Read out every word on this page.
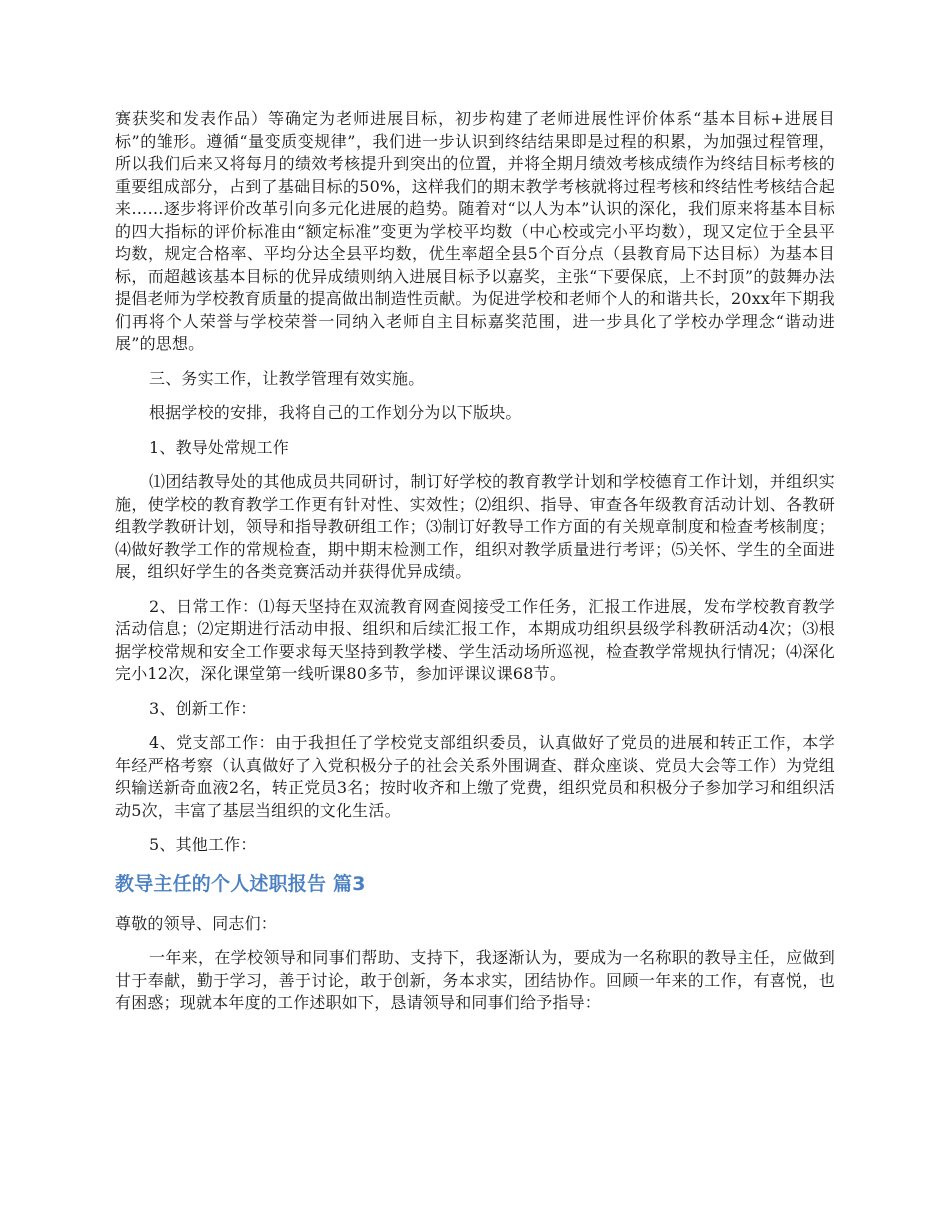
赛获奖和发表作品）等确定为老师进展目标，初步构建了老师进展性评价体系“基本目标+进展目标”的雏形。遵循“量变质变规律”，我们进一步认识到终结结果即是过程的积累，为加强过程管理，所以我们后来又将每月的绩效考核提升到突出的位置，并将全期月绩效考核成绩作为终结目标考核的重要组成部分，占到了基础目标的50%，这样我们的期末教学考核就将过程考核和终结性考核结合起来……逐步将评价改革引向多元化进展的趋势。随着对“以人为本”认识的深化，我们原来将基本目标的四大指标的评价标准由“额定标准”变更为学校平均数（中心校或完小平均数），现又定位于全县平均数，规定合格率、平均分达全县平均数，优生率超全县5个百分点（县教育局下达目标）为基本目标，而超越该基本目标的优异成绩则纳入进展目标予以嘉奖，主张“下要保底，上不封顶”的鼓舞办法提倡老师为学校教育质量的提高做出制造性贡献。为促进学校和老师个人的和谐共长，20xx年下期我们再将个人荣誉与学校荣誉一同纳入老师自主目标嘉奖范围，进一步具化了学校办学理念“谐动进展”的思想。

三、务实工作，让教学管理有效实施。

根据学校的安排，我将自己的工作划分为以下版块。

1、教导处常规工作

⑴团结教导处的其他成员共同研讨，制订好学校的教育教学计划和学校德育工作计划，并组织实施，使学校的教育教学工作更有针对性、实效性；⑵组织、指导、审查各年级教育活动计划、各教研组教学教研计划，领导和指导教研组工作；⑶制订好教导工作方面的有关规章制度和检查考核制度；⑷做好教学工作的常规检查，期中期末检测工作，组织对教学质量进行考评；⑸关怀、学生的全面进展，组织好学生的各类竞赛活动并获得优异成绩。

2、日常工作：⑴每天坚持在双流教育网查阅接受工作任务，汇报工作进展，发布学校教育教学活动信息；⑵定期进行活动申报、组织和后续汇报工作，本期成功组织县级学科教研活动4次；⑶根据学校常规和安全工作要求每天坚持到教学楼、学生活动场所巡视，检查教学常规执行情况；⑷深化完小12次，深化课堂第一线听课80多节，参加评课议课68节。

3、创新工作：

4、党支部工作：由于我担任了学校党支部组织委员，认真做好了党员的进展和转正工作，本学年经严格考察（认真做好了入党积极分子的社会关系外围调查、群众座谈、党员大会等工作）为党组织输送新奇血液2名，转正党员3名；按时收齐和上缴了党费，组织党员和积极分子参加学习和组织活动5次，丰富了基层当组织的文化生活。

5、其他工作：

教导主任的个人述职报告 篇3

尊敬的领导、同志们：

一年来，在学校领导和同事们帮助、支持下，我逐渐认为，要成为一名称职的教导主任，应做到甘于奉献，勤于学习，善于讨论，敢于创新，务本求实，团结协作。回顾一年来的工作，有喜悦，也有困惑；现就本年度的工作述职如下，恳请领导和同事们给予指导：
